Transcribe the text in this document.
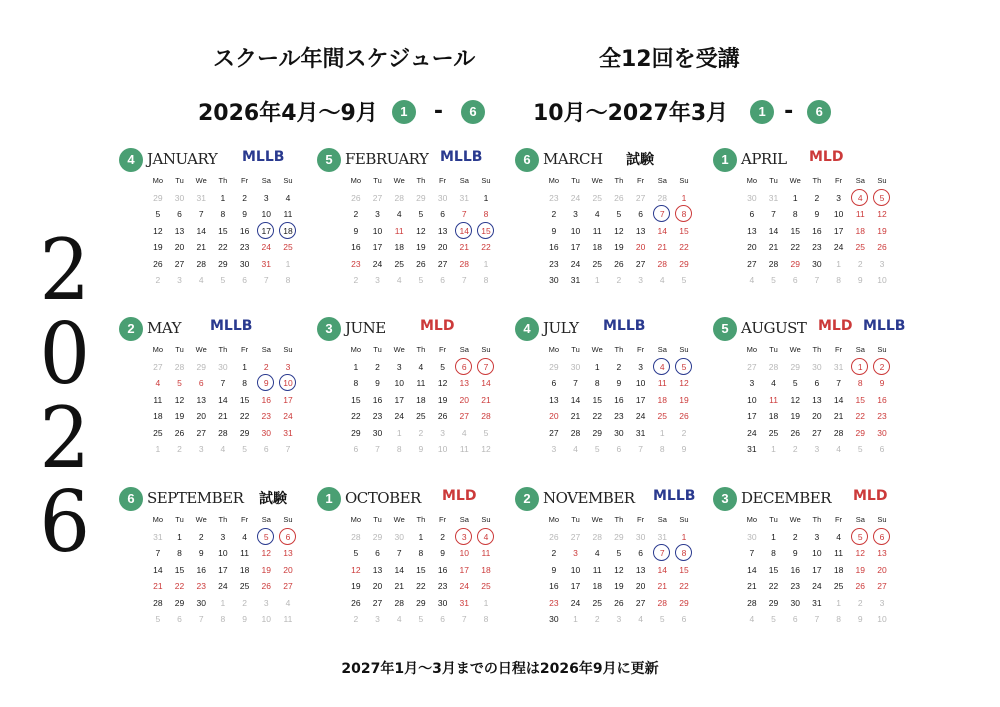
スクール年間スケジュール	全12回を受講
2026年4月〜9月	1	-	6	10月〜2027年3月	1 -	6
2
0
2
6
4 JANUARY MLLB
Mo	Tu	We	Th	Fr	Sa	Su
29	30	31	1	2	3	4
5	6	7	8	9	10	11
12	13	14	15	16	17	18
19	20	21	22	23	24	25
26	27	28	29	30	31	1
2	3	4	5	6	7	8
5 FEBRUARY MLLB
Mo	Tu	We	Th	Fr	Sa	Su
26	27	28	29	30	31	1
2	3	4	5	6	7	8
9	10	11	12	13	14	15
16	17	18	19	20	21	22
23	24	25	26	27	28	1
2	3	4	5	6	7	8
6 MARCH 試験
Mo	Tu	We	Th	Fr	Sa	Su
23	24	25	26	27	28	1
2	3	4	5	6	7	8
9	10	11	12	13	14	15
16	17	18	19	20	21	22
23	24	25	26	27	28	29
30	31	1	2	3	4	5
1 APRIL MLD
Mo	Tu	We	Th	Fr	Sa	Su
30	31	1	2	3	4	5
6	7	8	9	10	11	12
13	14	15	16	17	18	19
20	21	22	23	24	25	26
27	28	29	30	1	2	3
4	5	6	7	8	9	10
2 MAY MLLB
Mo	Tu	We	Th	Fr	Sa	Su
27	28	29	30	1	2	3
4	5	6	7	8	9	10
11	12	13	14	15	16	17
18	19	20	21	22	23	24
25	26	27	28	29	30	31
1	2	3	4	5	6	7
3 JUNE MLD
Mo	Tu	We	Th	Fr	Sa	Su
1	2	3	4	5	6	7
8	9	10	11	12	13	14
15	16	17	18	19	20	21
22	23	24	25	26	27	28
29	30	1	2	3	4	5
6	7	8	9	10	11	12
4 JULY MLLB
Mo	Tu	We	Th	Fr	Sa	Su
29	30	1	2	3	4	5
6	7	8	9	10	11	12
13	14	15	16	17	18	19
20	21	22	23	24	25	26
27	28	29	30	31	1	2
3	4	5	6	7	8	9
5 AUGUST MLD MLLB
Mo	Tu	We	Th	Fr	Sa	Su
27	28	29	30	31	1	2
3	4	5	6	7	8	9
10	11	12	13	14	15	16
17	18	19	20	21	22	23
24	25	26	27	28	29	30
31	1	2	3	4	5	6
6 SEPTEMBER 試験
Mo	Tu	We	Th	Fr	Sa	Su
31	1	2	3	4	5	6
7	8	9	10	11	12	13
14	15	16	17	18	19	20
21	22	23	24	25	26	27
28	29	30	1	2	3	4
5	6	7	8	9	10	11
1 OCTOBER MLD
Mo	Tu	We	Th	Fr	Sa	Su
28	29	30	1	2	3	4
5	6	7	8	9	10	11
12	13	14	15	16	17	18
19	20	21	22	23	24	25
26	27	28	29	30	31	1
2	3	4	5	6	7	8
2 NOVEMBER MLLB
Mo	Tu	We	Th	Fr	Sa	Su
26	27	28	29	30	31	1
2	3	4	5	6	7	8
9	10	11	12	13	14	15
16	17	18	19	20	21	22
23	24	25	26	27	28	29
30	1	2	3	4	5	6
3 DECEMBER MLD
Mo	Tu	We	Th	Fr	Sa	Su
30	1	2	3	4	5	6
7	8	9	10	11	12	13
14	15	16	17	18	19	20
21	22	23	24	25	26	27
28	29	30	31	1	2	3
4	5	6	7	8	9	10
2027年1月〜3月までの日程は2026年9月に更新
